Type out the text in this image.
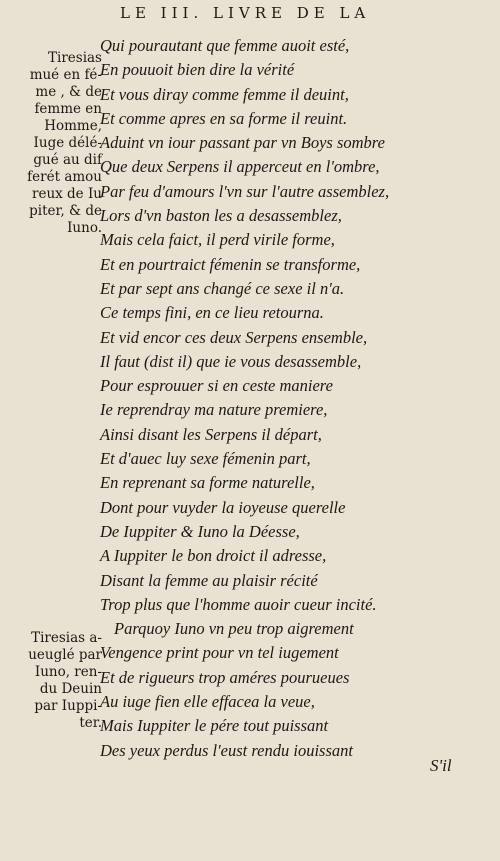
LE III. LIVRE DE LA
Tiresias
mué en fé-
me , & de
femme en
Homme,
Iuge délé-
gué au dif
ferét amou
reux de Iu
piter, & de
Iuno.
Tiresias a-
ueuglé par
Iuno, ren-
du Deuin
par Iuppi-
ter.
Qui pourautant que femme auoit esté,
En pouuoit bien dire la vérité
Et vous diray comme femme il deuint,
Et comme apres en sa forme il reuint.
Aduint vn iour passant par vn Boys sombre
Que deux Serpens il apperceut en l'ombre,
Par feu d'amours l'vn sur l'autre assemblez,
Lors d'vn baston les a desassemblez,
Mais cela faict, il perd virile forme,
Et en pourtraict fémenin se transforme,
Et par sept ans changé ce sexe il n'a.
Ce temps fini, en ce lieu retourna.
Et vid encor ces deux Serpens ensemble,
Il faut (dist il) que ie vous desassemble,
Pour esprouuer si en ceste maniere
Ie reprendray ma nature premiere,
Ainsi disant les Serpens il départ,
Et d'auec luy sexe fémenin part,
En reprenant sa forme naturelle,
Dont pour vuyder la ioyeuse querelle
De Iuppiter & Iuno la Déesse,
A Iuppiter le bon droict il adresse,
Disant la femme au plaisir récité
Trop plus que l'homme auoir cueur incité.
Parquoy Iuno vn peu trop aigrement
Vengence print pour vn tel iugement
Et de rigueurs trop améres pourueues
Au iuge fien elle effacea la veue,
Mais Iuppiter le pére tout puissant
Des yeux perdus l'eust rendu iouissant
S'il
